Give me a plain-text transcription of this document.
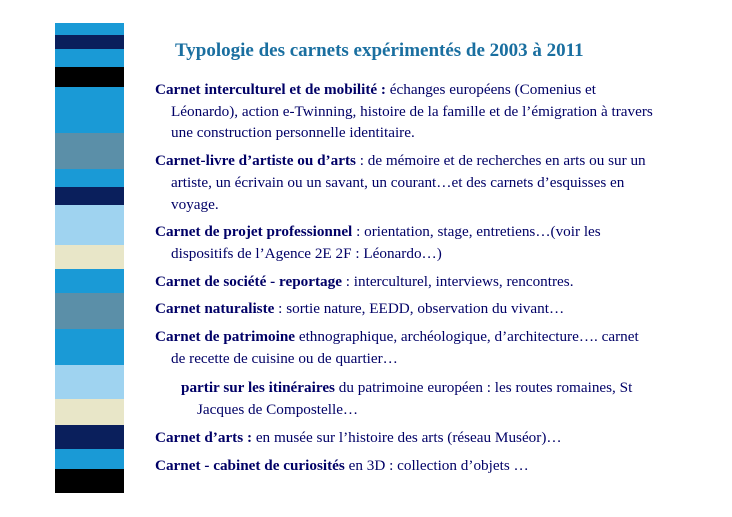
Typologie des carnets expérimentés de 2003 à 2011

Carnet interculturel et de mobilité : échanges européens (Comenius et Léonardo), action e-Twinning, histoire de la famille et de l’émigration à travers une construction personnelle identitaire.

Carnet-livre d’artiste ou d’arts : de mémoire et de recherches en arts ou sur un artiste, un écrivain ou un savant, un courant…et des carnets d’esquisses en voyage.

Carnet de projet professionnel : orientation, stage, entretiens…(voir les dispositifs de l’Agence 2E 2F : Léonardo…)

Carnet de société - reportage : interculturel, interviews, rencontres.

Carnet naturaliste : sortie nature, EEDD, observation du vivant…

Carnet de patrimoine ethnographique, archéologique, d’architecture…. carnet de recette de cuisine ou de quartier…

partir sur les itinéraires du patrimoine européen : les routes romaines, St Jacques de Compostelle…

Carnet d’arts : en musée sur l’histoire des arts (réseau Muséor)…

Carnet - cabinet de curiosités en 3D : collection d’objets …
